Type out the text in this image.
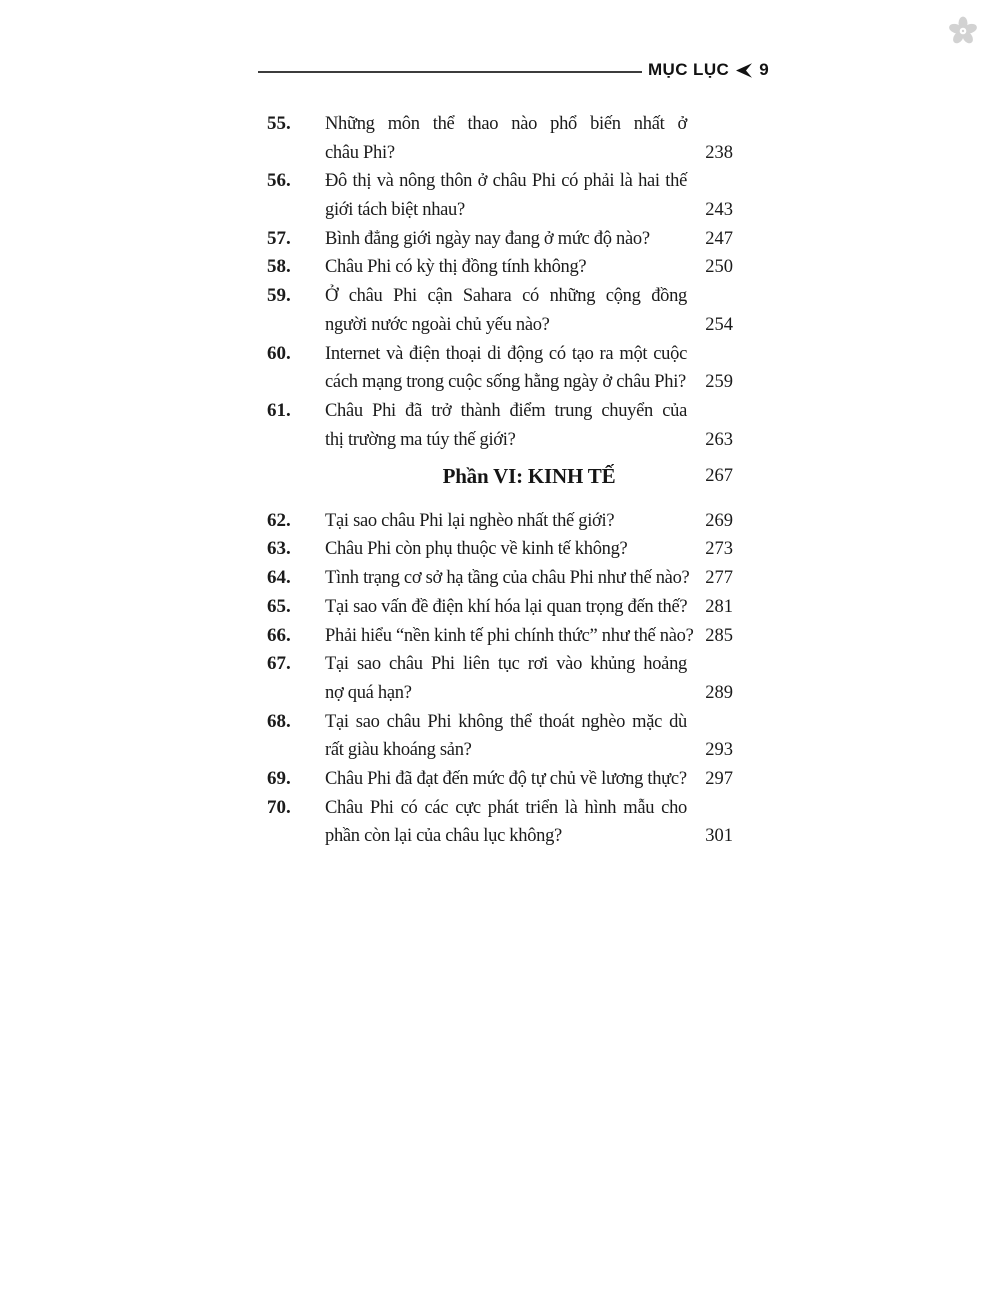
MỤC LỤC 9
55.	Những môn thể thao nào phổ biến nhất ở
châu Phi?	238
56.	Đô thị và nông thôn ở châu Phi có phải là hai thế
giới tách biệt nhau?	243
57.	Bình đẳng giới ngày nay đang ở mức độ nào?	247
58.	Châu Phi có kỳ thị đồng tính không?	250
59.	Ở châu Phi cận Sahara có những cộng đồng
người nước ngoài chủ yếu nào?	254
60.	Internet và điện thoại di động có tạo ra một cuộc
cách mạng trong cuộc sống hằng ngày ở châu Phi?	259
61.	Châu Phi đã trở thành điểm trung chuyển của
thị trường ma túy thế giới?	263
Phần VI: KINH TẾ	267
62.	Tại sao châu Phi lại nghèo nhất thế giới?	269
63.	Châu Phi còn phụ thuộc về kinh tế không?	273
64.	Tình trạng cơ sở hạ tầng của châu Phi như thế nào? 277
65.	Tại sao vấn đề điện khí hóa lại quan trọng đến thế? 281
66.	Phải hiểu “nền kinh tế phi chính thức” như thế nào? 285
67.	Tại sao châu Phi liên tục rơi vào khủng hoảng
nợ quá hạn?	289
68.	Tại sao châu Phi không thể thoát nghèo mặc dù
rất giàu khoáng sản?	293
69.	Châu Phi đã đạt đến mức độ tự chủ về lương thực?	297
70.	Châu Phi có các cực phát triển là hình mẫu cho
phần còn lại của châu lục không?	301
